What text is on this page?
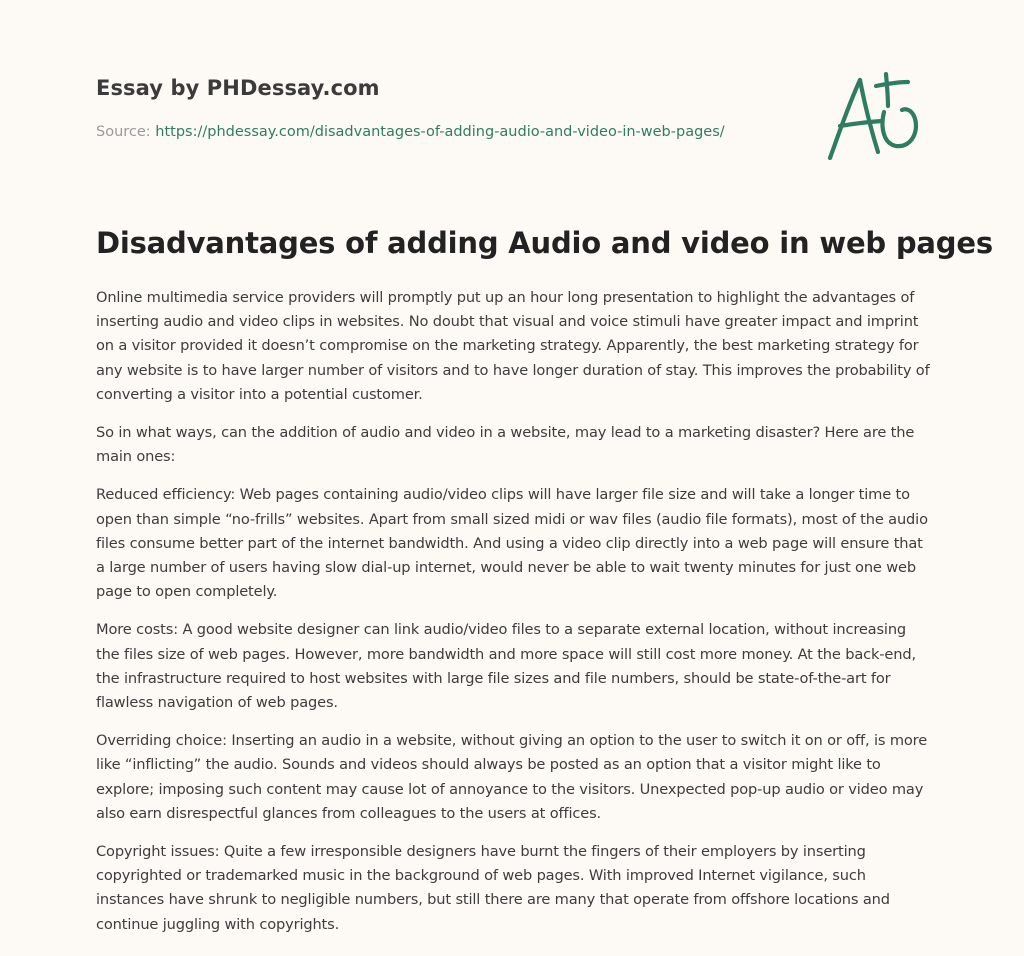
Essay by PHDessay.com
Source: https://phdessay.com/disadvantages-of-adding-audio-and-video-in-web-pages/
Disadvantages of adding Audio and video in web pages

Online multimedia service providers will promptly put up an hour long presentation to highlight the advantages of inserting audio and video clips in websites. No doubt that visual and voice stimuli have greater impact and imprint on a visitor provided it doesn’t compromise on the marketing strategy. Apparently, the best marketing strategy for any website is to have larger number of visitors and to have longer duration of stay. This improves the probability of converting a visitor into a potential customer.

So in what ways, can the addition of audio and video in a website, may lead to a marketing disaster? Here are the main ones:

Reduced efficiency: Web pages containing audio/video clips will have larger file size and will take a longer time to open than simple “no-frills” websites. Apart from small sized midi or wav files (audio file formats), most of the audio files consume better part of the internet bandwidth. And using a video clip directly into a web page will ensure that a large number of users having slow dial-up internet, would never be able to wait twenty minutes for just one web page to open completely.

More costs: A good website designer can link audio/video files to a separate external location, without increasing the files size of web pages. However, more bandwidth and more space will still cost more money. At the back-end, the infrastructure required to host websites with large file sizes and file numbers, should be state-of-the-art for flawless navigation of web pages.

Overriding choice: Inserting an audio in a website, without giving an option to the user to switch it on or off, is more like “inflicting” the audio. Sounds and videos should always be posted as an option that a visitor might like to explore; imposing such content may cause lot of annoyance to the visitors. Unexpected pop-up audio or video may also earn disrespectful glances from colleagues to the users at offices.

Copyright issues: Quite a few irresponsible designers have burnt the fingers of their employers by inserting copyrighted or trademarked music in the background of web pages. With improved Internet vigilance, such instances have shrunk to negligible numbers, but still there are many that operate from offshore locations and continue juggling with copyrights.
